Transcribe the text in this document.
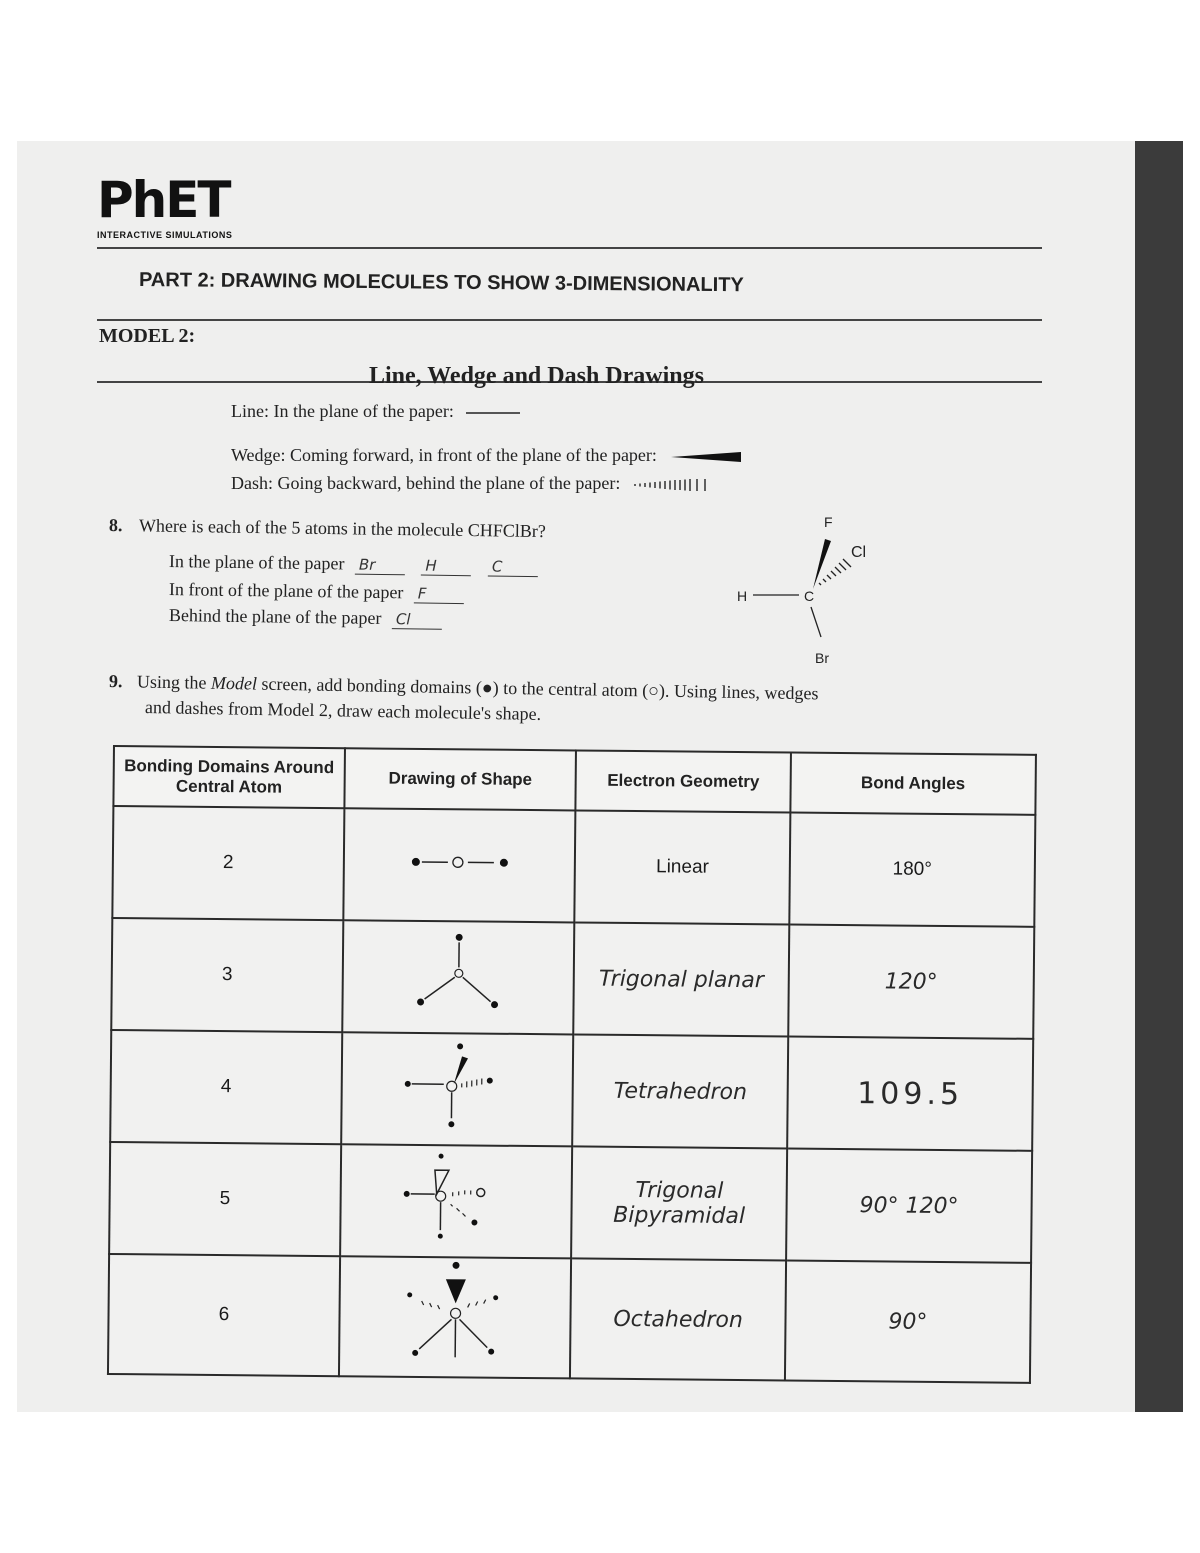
PhET
INTERACTIVE SIMULATIONS
PART 2: DRAWING MOLECULES TO SHOW 3-DIMENSIONALITY
MODEL 2:
Line, Wedge and Dash Drawings
Line: In the plane of the paper:
Wedge: Coming forward, in front of the plane of the paper:
Dash: Going backward, behind the plane of the paper:
8. Where is each of the 5 atoms in the molecule CHFClBr?
In the plane of the paper Br	H	C
In front of the plane of the paper F
Behind the plane of the paper Cl
F
Cl
H	C
Br
9. Using the Model screen, add bonding domains (●) to the central atom (○). Using lines, wedges
and dashes from Model 2, draw each molecule's shape.
Bonding Domains Around Central Atom	Drawing of Shape	Electron Geometry	Bond Angles
2		Linear	180°
3		Trigonal planar	120°
4		Tetrahedron	109.5
5		Trigonal Bipyramidal	90° 120°
6		Octahedron	90°
